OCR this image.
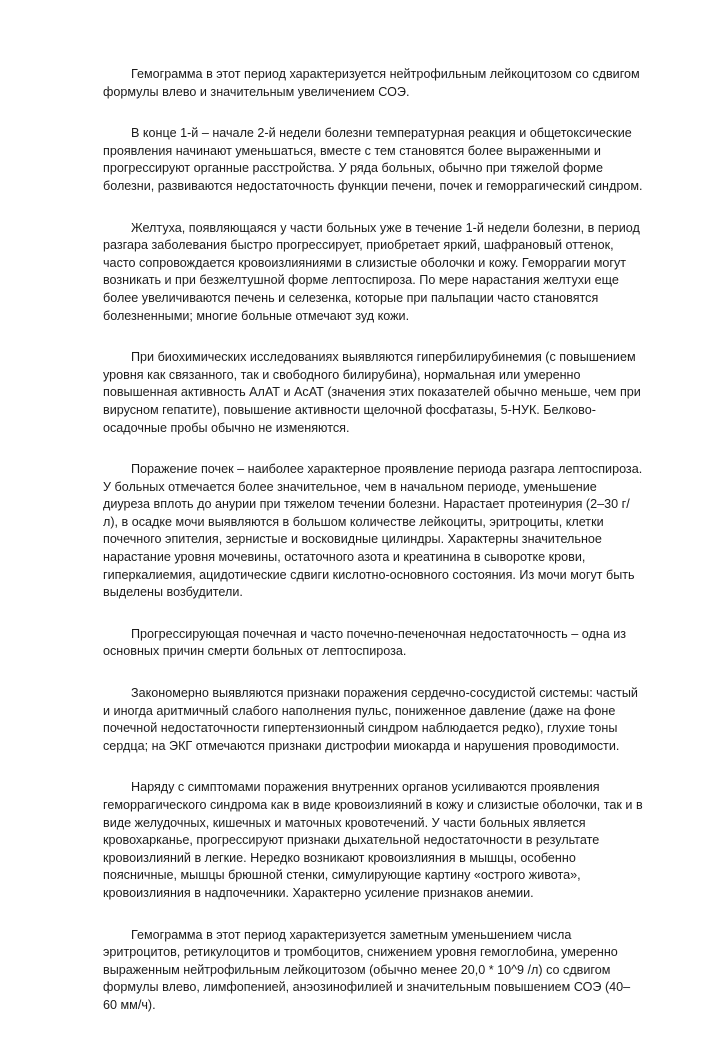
Гемограмма в этот период характеризуется нейтрофильным лейкоцитозом со сдвигом формулы влево и значительным увеличением СОЭ.

В конце 1-й – начале 2-й недели болезни температурная реакция и общетоксические проявления начинают уменьшаться, вместе с тем становятся более выраженными и прогрессируют органные расстройства. У ряда больных, обычно при тяжелой форме болезни, развиваются недостаточность функции печени, почек и геморрагический синдром.

Желтуха, появляющаяся у части больных уже в течение 1-й недели болезни, в период разгара заболевания быстро прогрессирует, приобретает яркий, шафрановый оттенок, часто сопровождается кровоизлияниями в слизистые оболочки и кожу. Геморрагии могут возникать и при безжелтушной форме лептоспироза. По мере нарастания желтухи еще более увеличиваются печень и селезенка, которые при пальпации часто становятся болезненными; многие больные отмечают зуд кожи.

При биохимических исследованиях выявляются гипербилирубинемия (с повышением уровня как связанного, так и свободного билирубина), нормальная или умеренно повышенная активность АлАТ и АсАТ (значения этих показателей обычно меньше, чем при вирусном гепатите), повышение активности щелочной фосфатазы, 5-НУК. Белково-осадочные пробы обычно не изменяются.

Поражение почек – наиболее характерное проявление периода разгара лептоспироза. У больных отмечается более значительное, чем в начальном периоде, уменьшение диуреза вплоть до анурии при тяжелом течении болезни. Нарастает протеинурия (2–30 г/л), в осадке мочи выявляются в большом количестве лейкоциты, эритроциты, клетки почечного эпителия, зернистые и восковидные цилиндры. Характерны значительное нарастание уровня мочевины, остаточного азота и креатинина в сыворотке крови, гиперкалиемия, ацидотические сдвиги кислотно-основного состояния. Из мочи могут быть выделены возбудители.

Прогрессирующая почечная и часто почечно-печеночная недостаточность – одна из основных причин смерти больных от лептоспироза.

Закономерно выявляются признаки поражения сердечно-сосудистой системы: частый и иногда аритмичный слабого наполнения пульс, пониженное давление (даже на фоне почечной недостаточности гипертензионный синдром наблюдается редко), глухие тоны сердца; на ЭКГ отмечаются признаки дистрофии миокарда и нарушения проводимости.

Наряду с симптомами поражения внутренних органов усиливаются проявления геморрагического синдрома как в виде кровоизлияний в кожу и слизистые оболочки, так и в виде желудочных, кишечных и маточных кровотечений. У части больных является кровохарканье, прогрессируют признаки дыхательной недостаточности в результате кровоизлияний в легкие. Нередко возникают кровоизлияния в мышцы, особенно поясничные, мышцы брюшной стенки, симулирующие картину «острого живота», кровоизлияния в надпочечники. Характерно усиление признаков анемии.

Гемограмма в этот период характеризуется заметным уменьшением числа эритроцитов, ретикулоцитов и тромбоцитов, снижением уровня гемоглобина, умеренно выраженным нейтрофильным лейкоцитозом (обычно менее 20,0 * 10^9 /л) со сдвигом формулы влево, лимфопенией, анэозинофилией и значительным повышением СОЭ (40–60 мм/ч).
